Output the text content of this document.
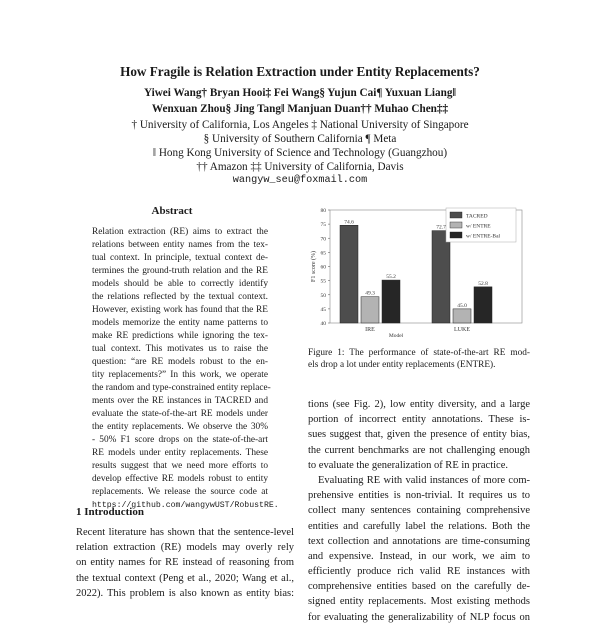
How Fragile is Relation Extraction under Entity Replacements?
Yiwei Wang† Bryan Hooi‡ Fei Wang§ Yujun Cai¶ Yuxuan Liang‖
Wenxuan Zhou§ Jing Tang‖ Manjuan Duan†† Muhao Chen‡‡
† University of California, Los Angeles ‡ National University of Singapore
§ University of Southern California ¶ Meta
‖ Hong Kong University of Science and Technology (Guangzhou)
†† Amazon ‡‡ University of California, Davis
wangyw_seu@foxmail.com
Abstract
Relation extraction (RE) aims to extract the
relations between entity names from the tex-
tual context. In principle, textual context de-
termines the ground-truth relation and the RE
models should be able to correctly identify
the relations reflected by the textual context.
However, existing work has found that the RE
models memorize the entity name patterns to
make RE predictions while ignoring the tex-
tual context. This motivates us to raise the
question: “are RE models robust to the en-
tity replacements?” In this work, we operate
the random and type-constrained entity replace-
ments over the RE instances in TACRED and
evaluate the state-of-the-art RE models under
the entity replacements. We observe the 30%
- 50% F1 score drops on the state-of-the-art
RE models under entity replacements. These
results suggest that we need more efforts to
develop effective RE models robust to entity
replacements. We release the source code at
https://github.com/wangywUST/RobustRE.
1 Introduction
Recent literature has shown that the sentence-level
relation extraction (RE) models may overly rely
on entity names for RE instead of reasoning from
the textual context (Peng et al., 2020; Wang et al.,
2022). This problem is also known as entity bias:
40
45
50
55
60
65
70
75
80
F1 score (%)
74.6
49.3
55.2
IRE
72.7
45.0
52.8
LUKE
Model
TACRED
w/ ENTRE
w/ ENTRE-Bal
Figure 1: The performance of state-of-the-art RE mod-
els drop a lot under entity replacements (ENTRE).
tions (see Fig. 2), low entity diversity, and a large
portion of incorrect entity annotations. These is-
sues suggest that, given the presence of entity bias,
the current benchmarks are not challenging enough
to evaluate the generalization of RE in practice.
Evaluating RE with valid instances of more com-
prehensive entities is non-trivial. It requires us to
collect many sentences containing comprehensive
entities and carefully label the relations. Both the
text collection and annotations are time-consuming
and expensive. Instead, in our work, we aim to
efficiently produce rich valid RE instances with
comprehensive entities based on the carefully de-
signed entity replacements. Most existing methods
for evaluating the generalizability of NLP focus on
